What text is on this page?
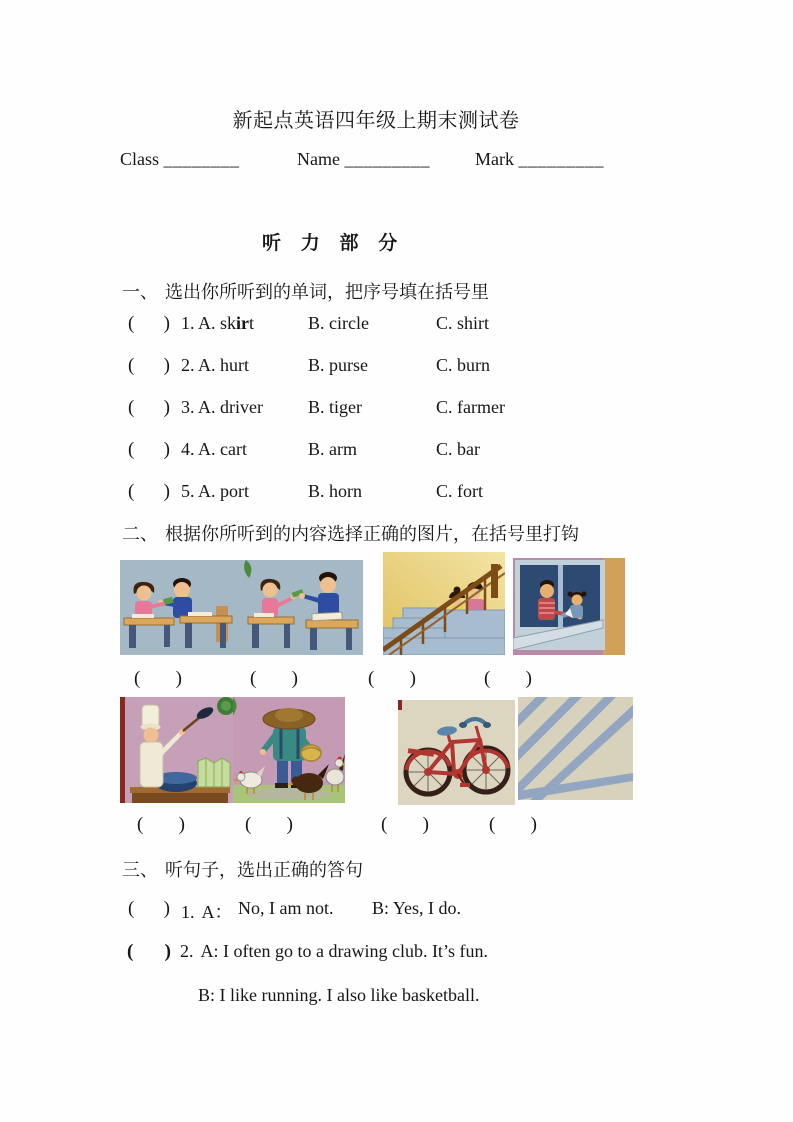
新起点英语四年级上期末测试卷
Class ________	Name _________	Mark _________
听 力 部 分
一、 选出你所听到的单词，把序号填在括号里
( ) 1. A. skirt	B. circle	C. shirt
( ) 2. A. hurt	B. purse	C. burn
( ) 3. A. driver	B. tiger	C. farmer
( ) 4. A. cart	B. arm	C. bar
( ) 5. A. port	B. horn	C. fort
二、 根据你所听到的内容选择正确的图片，在括号里打钩
三、 听句子，选出正确的答句
( ) 1. A： No, I am not. B: Yes, I do.
( ) 2. A: I often go to a drawing club. It’s fun.
B: I like running. I also like basketball.
( )	( )	( )	( )
( )	( )	( )	( )
